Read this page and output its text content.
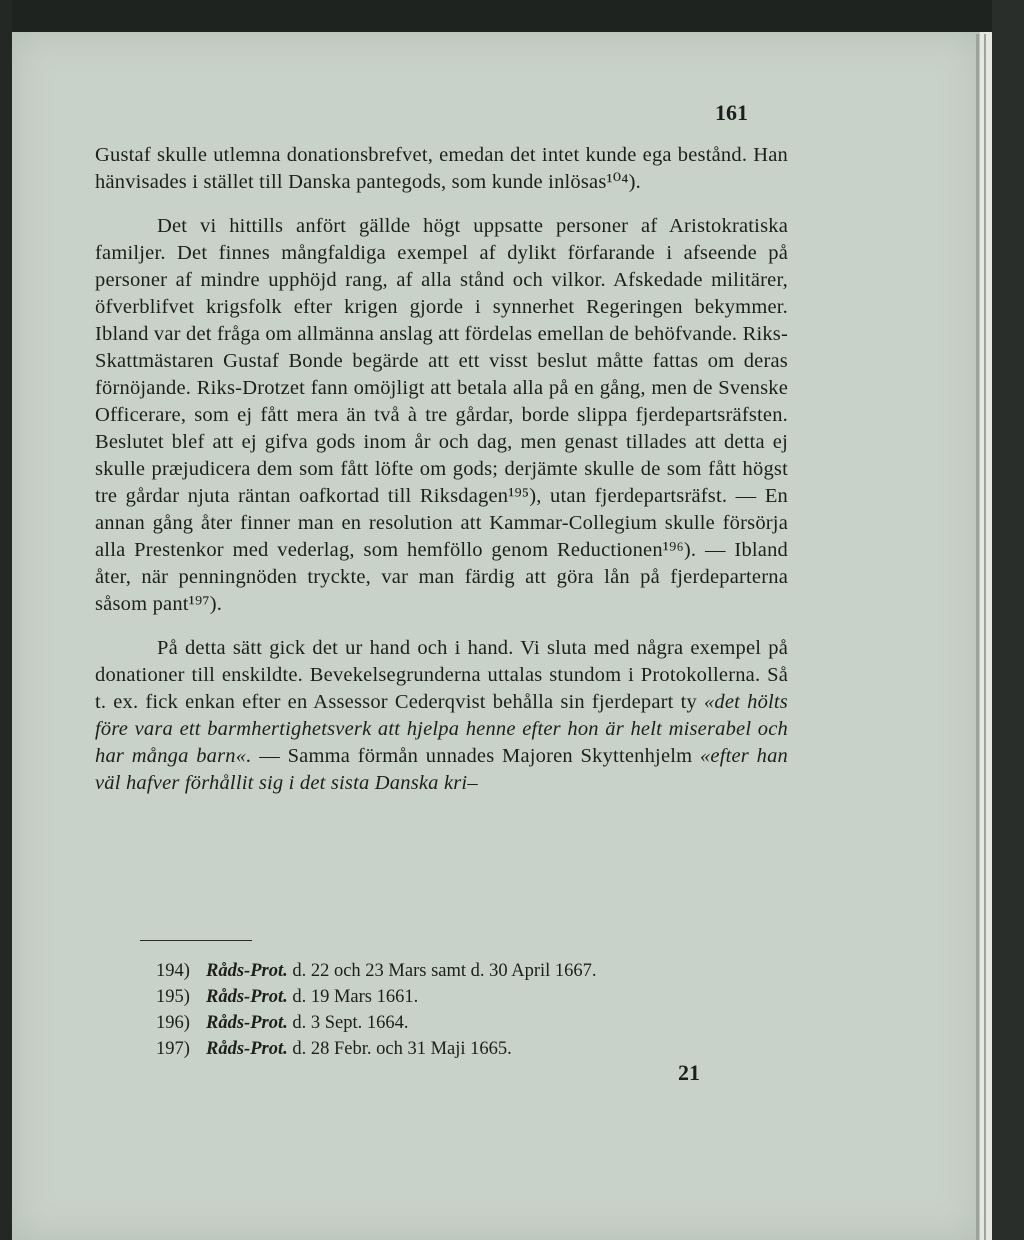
161

Gustaf skulle utlemna donationsbrefvet, emedan det intet kunde ega bestånd. Han hänvisades i stället till Danska pantegods, som kunde inlösas¹⁰⁴).

Det vi hittills anfört gällde högt uppsatte personer af Aristokratiska familjer. Det finnes mångfaldiga exempel af dylikt förfarande i afseende på personer af mindre upphöjd rang, af alla stånd och vilkor. Afskedade militärer, öfverblifvet krigsfolk efter krigen gjorde i synnerhet Regeringen bekymmer. Ibland var det fråga om allmänna anslag att fördelas emellan de behöfvande. Riks-Skattmästaren Gustaf Bonde begärde att ett visst beslut måtte fattas om deras förnöjande. Riks-Drotzet fann omöjligt att betala alla på en gång, men de Svenske Officerare, som ej fått mera än två à tre gårdar, borde slippa fjerdepartsräfsten. Beslutet blef att ej gifva gods inom år och dag, men genast tillades att detta ej skulle præjudicera dem som fått löfte om gods; derjämte skulle de som fått högst tre gårdar njuta räntan oafkortad till Riksdagen¹⁹⁵), utan fjerdepartsräfst. — En annan gång åter finner man en resolution att Kammar-Collegium skulle försörja alla Prestenkor med vederlag, som hemföllo genom Reductionen¹⁹⁶). — Ibland åter, när penningnöden tryckte, var man färdig att göra lån på fjerdeparterna såsom pant¹⁹⁷).

På detta sätt gick det ur hand och i hand. Vi sluta med några exempel på donationer till enskildte. Bevekelsegrunderna uttalas stundom i Protokollerna. Så t. ex. fick enkan efter en Assessor Cederqvist behålla sin fjerdepart ty «det hölts före vara ett barmhertighetsverk att hjelpa henne efter hon är helt miserabel och har många barn«. — Samma förmån unnades Majoren Skyttenhjelm «efter han väl hafver förhållit sig i det sista Danska kri–

194) Råds-Prot. d. 22 och 23 Mars samt d. 30 April 1667.
195) Råds-Prot. d. 19 Mars 1661.
196) Råds-Prot. d. 3 Sept. 1664.
197) Råds-Prot. d. 28 Febr. och 31 Maji 1665.
21
